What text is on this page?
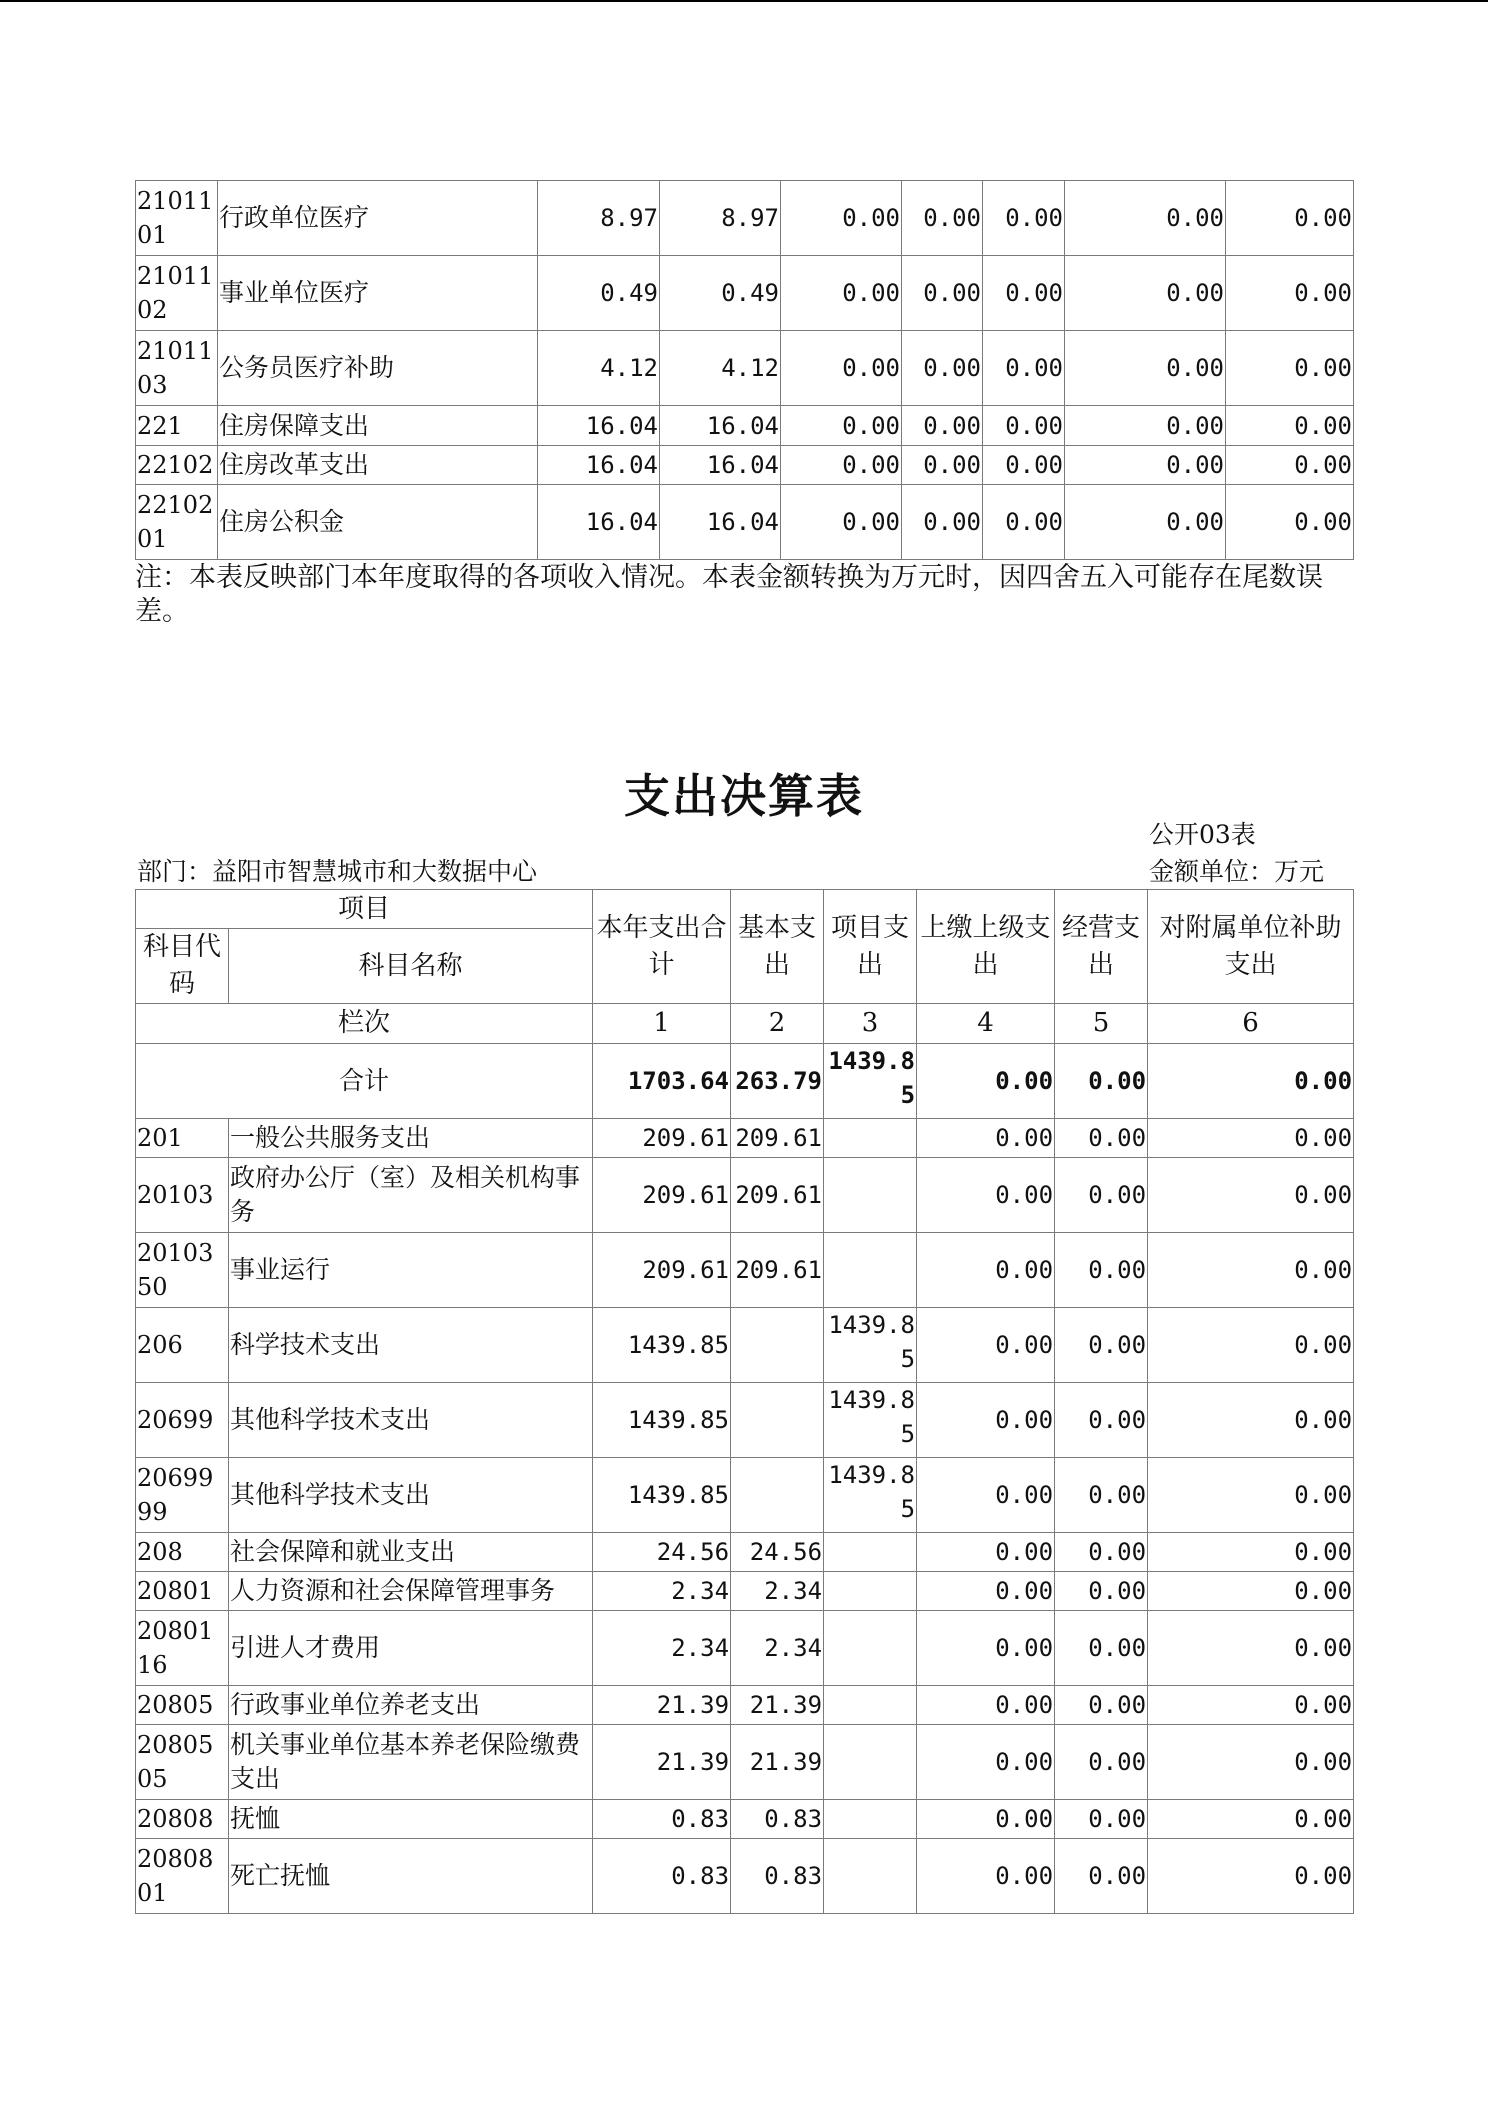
2101101	行政单位医疗	8.97	8.97	0.00	0.00	0.00	0.00	0.00
2101102	事业单位医疗	0.49	0.49	0.00	0.00	0.00	0.00	0.00
2101103	公务员医疗补助	4.12	4.12	0.00	0.00	0.00	0.00	0.00
221	住房保障支出	16.04	16.04	0.00	0.00	0.00	0.00	0.00
22102	住房改革支出	16.04	16.04	0.00	0.00	0.00	0.00	0.00
2210201	住房公积金	16.04	16.04	0.00	0.00	0.00	0.00	0.00
注：本表反映部门本年度取得的各项收入情况。本表金额转换为万元时，因四舍五入可能存在尾数误差。
支出决算表
公开03表
金额单位：万元
部门：益阳市智慧城市和大数据中心
项目		本年支出合计	基本支出	项目支出	上缴上级支出	经营支出	对附属单位补助支出
科目代码	科目名称						
栏次		1	2	3	4	5	6
合计		1703.64	263.79	1439.85	0.00	0.00	0.00
201	一般公共服务支出	209.61	209.61		0.00	0.00	0.00
20103	政府办公厅（室）及相关机构事务	209.61	209.61		0.00	0.00	0.00
2010350	事业运行	209.61	209.61		0.00	0.00	0.00
206	科学技术支出	1439.85		1439.85	0.00	0.00	0.00
20699	其他科学技术支出	1439.85		1439.85	0.00	0.00	0.00
2069999	其他科学技术支出	1439.85		1439.85	0.00	0.00	0.00
208	社会保障和就业支出	24.56	24.56		0.00	0.00	0.00
20801	人力资源和社会保障管理事务	2.34	2.34		0.00	0.00	0.00
2080116	引进人才费用	2.34	2.34		0.00	0.00	0.00
20805	行政事业单位养老支出	21.39	21.39		0.00	0.00	0.00
2080505	机关事业单位基本养老保险缴费支出	21.39	21.39		0.00	0.00	0.00
20808	抚恤	0.83	0.83		0.00	0.00	0.00
2080801	死亡抚恤	0.83	0.83		0.00	0.00	0.00
